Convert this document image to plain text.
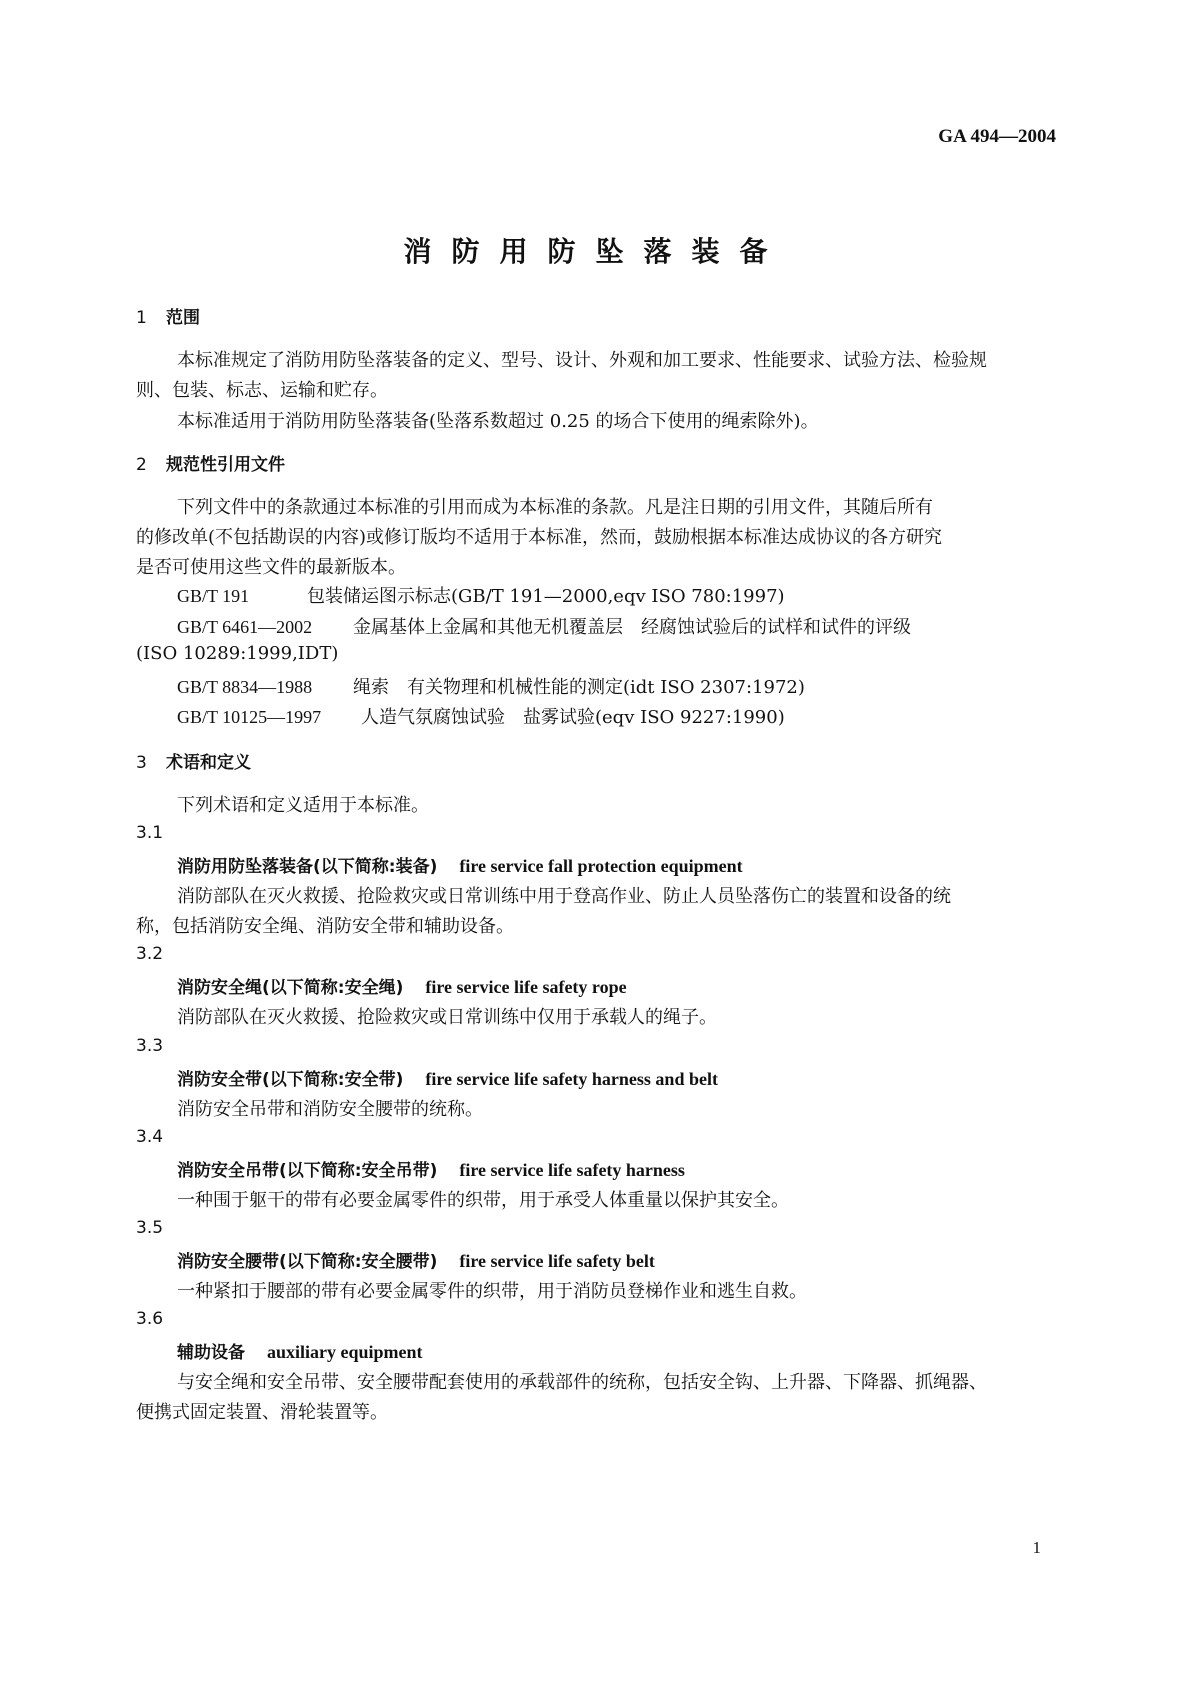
GA 494—2004
消防用防坠落装备
1 范围
本标准规定了消防用防坠落装备的定义、型号、设计、外观和加工要求、性能要求、试验方法、检验规
则、包装、标志、运输和贮存。
本标准适用于消防用防坠落装备(坠落系数超过 0.25 的场合下使用的绳索除外)。
2 规范性引用文件
下列文件中的条款通过本标准的引用而成为本标准的条款。凡是注日期的引用文件，其随后所有
的修改单(不包括勘误的内容)或修订版均不适用于本标准，然而，鼓励根据本标准达成协议的各方研究
是否可使用这些文件的最新版本。
GB/T 191	包装储运图示标志(GB/T 191—2000,eqv ISO 780:1997)
GB/T 6461—2002 金属基体上金属和其他无机覆盖层　经腐蚀试验后的试样和试件的评级
(ISO 10289:1999,IDT)
GB/T 8834—1988 绳索　有关物理和机械性能的测定(idt ISO 2307:1972)
GB/T 10125—1997 人造气氛腐蚀试验　盐雾试验(eqv ISO 9227:1990)
3 术语和定义
下列术语和定义适用于本标准。
3.1
消防用防坠落装备(以下简称:装备) fire service fall protection equipment
消防部队在灭火救援、抢险救灾或日常训练中用于登高作业、防止人员坠落伤亡的装置和设备的统
称，包括消防安全绳、消防安全带和辅助设备。
3.2
消防安全绳(以下简称:安全绳) fire service life safety rope
消防部队在灭火救援、抢险救灾或日常训练中仅用于承载人的绳子。
3.3
消防安全带(以下简称:安全带) fire service life safety harness and belt
消防安全吊带和消防安全腰带的统称。
3.4
消防安全吊带(以下简称:安全吊带) fire service life safety harness
一种围于躯干的带有必要金属零件的织带，用于承受人体重量以保护其安全。
3.5
消防安全腰带(以下简称:安全腰带) fire service life safety belt
一种紧扣于腰部的带有必要金属零件的织带，用于消防员登梯作业和逃生自救。
3.6
辅助设备 auxiliary equipment
与安全绳和安全吊带、安全腰带配套使用的承载部件的统称，包括安全钩、上升器、下降器、抓绳器、
便携式固定装置、滑轮装置等。
1
